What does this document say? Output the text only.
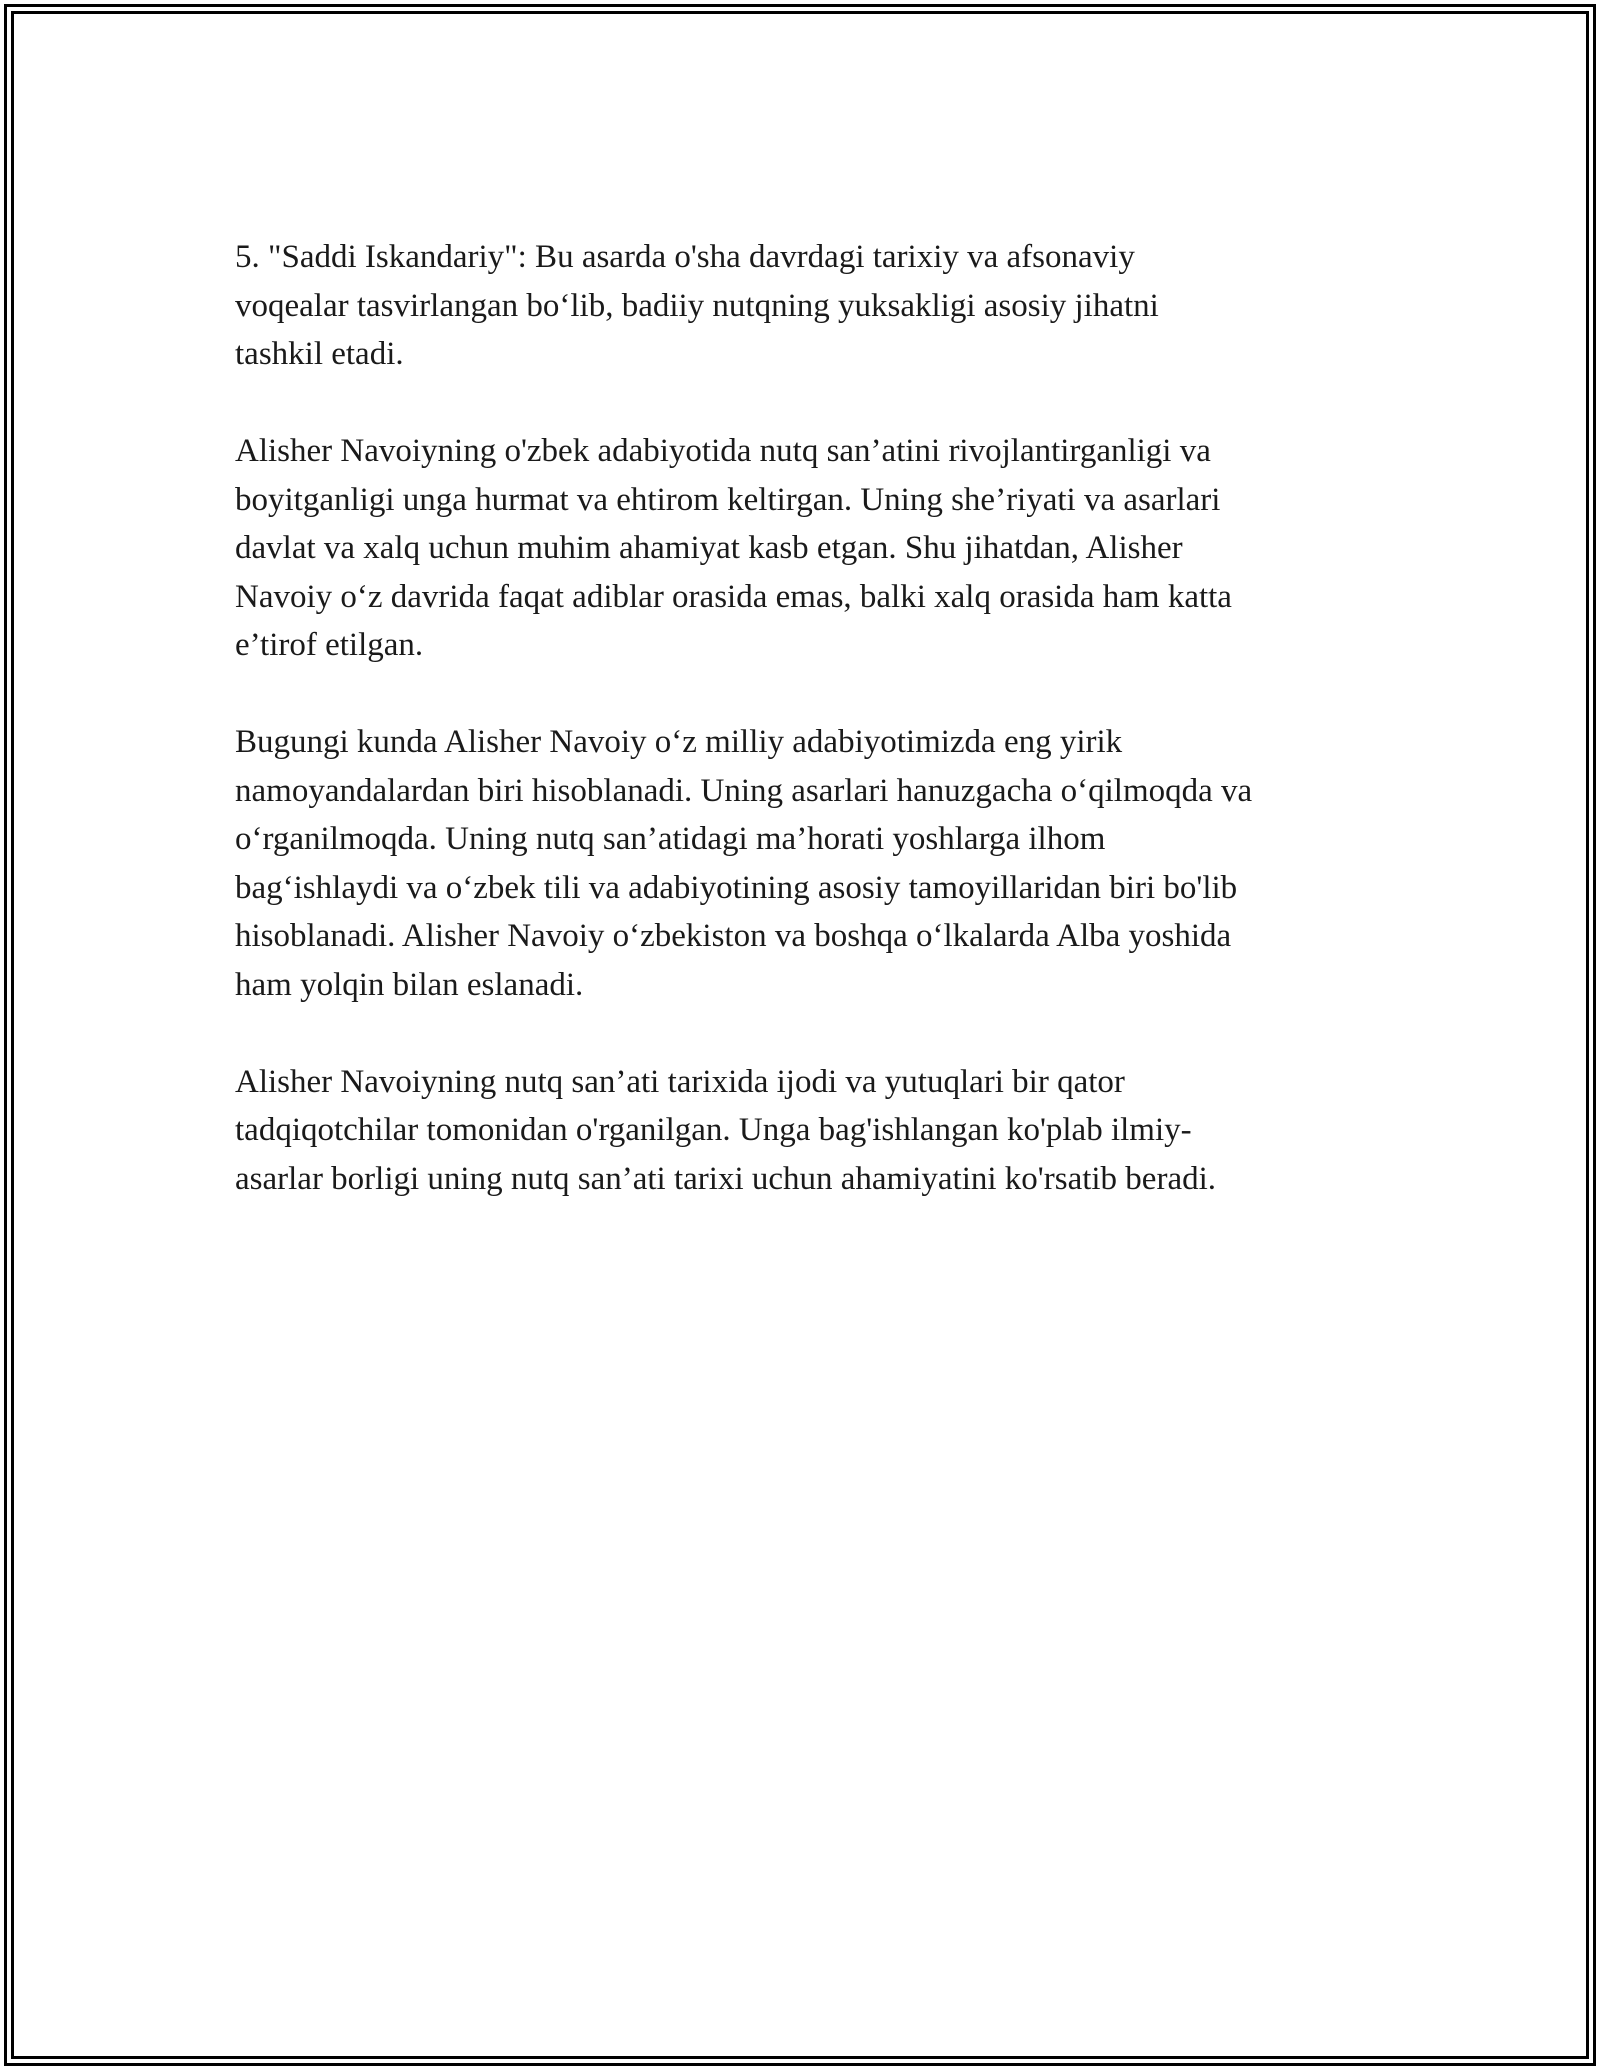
5. "Saddi Iskandariy": Bu asarda o'sha davrdagi tarixiy va afsonaviy
voqealar tasvirlangan bo‘lib, badiiy nutqning yuksakligi asosiy jihatni
tashkil etadi.

Alisher Navoiyning o'zbek adabiyotida nutq san’atini rivojlantirganligi va
boyitganligi unga hurmat va ehtirom keltirgan. Uning she’riyati va asarlari
davlat va xalq uchun muhim ahamiyat kasb etgan. Shu jihatdan, Alisher
Navoiy o‘z davrida faqat adiblar orasida emas, balki xalq orasida ham katta
e’tirof etilgan.

Bugungi kunda Alisher Navoiy o‘z milliy adabiyotimizda eng yirik
namoyandalardan biri hisoblanadi. Uning asarlari hanuzgacha o‘qilmoqda va
o‘rganilmoqda. Uning nutq san’atidagi ma’horati yoshlarga ilhom
bag‘ishlaydi va o‘zbek tili va adabiyotining asosiy tamoyillaridan biri bo'lib
hisoblanadi. Alisher Navoiy o‘zbekiston va boshqa o‘lkalarda Alba yoshida
ham yolqin bilan eslanadi.

Alisher Navoiyning nutq san’ati tarixida ijodi va yutuqlari bir qator
tadqiqotchilar tomonidan o'rganilgan. Unga bag'ishlangan ko'plab ilmiy-
asarlar borligi uning nutq san’ati tarixi uchun ahamiyatini ko'rsatib beradi.
